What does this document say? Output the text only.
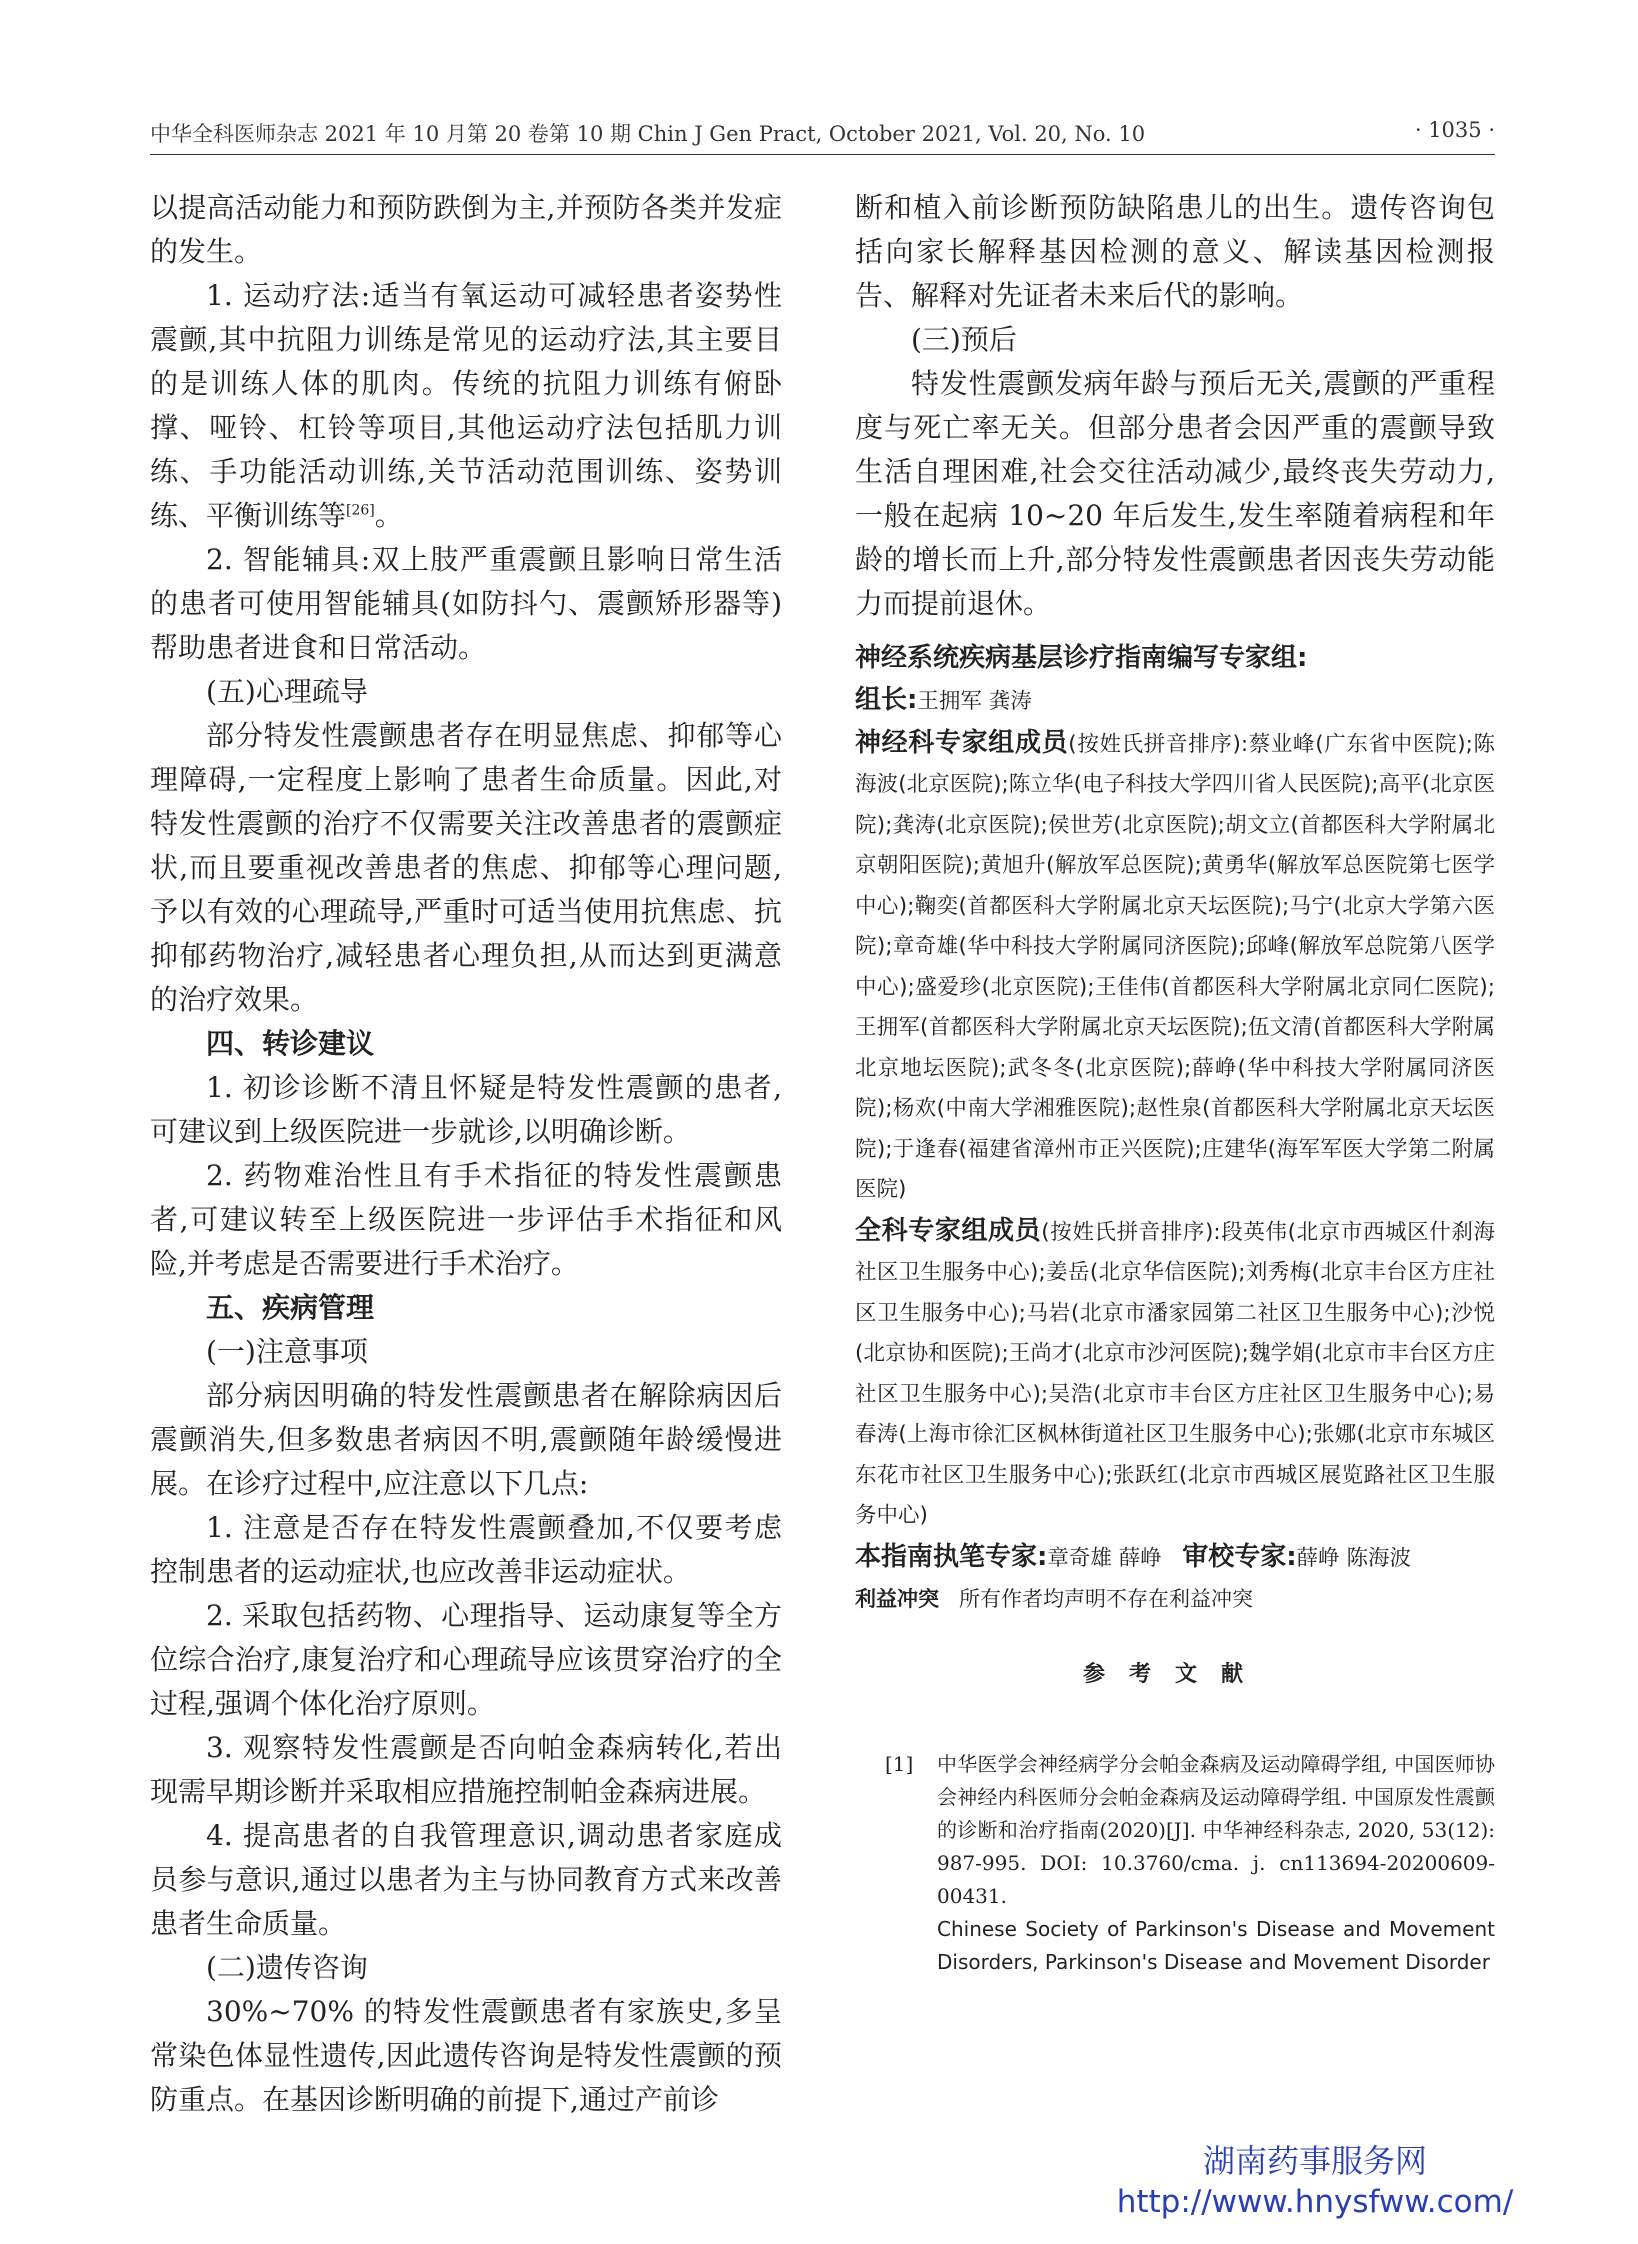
中华全科医师杂志 2021 年 10 月第 20 卷第 10 期 Chin J Gen Pract, October 2021, Vol. 20, No. 10	· 1035 ·

以提高活动能力和预防跌倒为主,并预防各类并发症的发生。

1. 运动疗法:适当有氧运动可减轻患者姿势性震颤,其中抗阻力训练是常见的运动疗法,其主要目的是训练人体的肌肉。传统的抗阻力训练有俯卧撑、哑铃、杠铃等项目,其他运动疗法包括肌力训练、手功能活动训练,关节活动范围训练、姿势训练、平衡训练等[26]。

2. 智能辅具:双上肢严重震颤且影响日常生活的患者可使用智能辅具(如防抖勺、震颤矫形器等)帮助患者进食和日常活动。

(五)心理疏导

部分特发性震颤患者存在明显焦虑、抑郁等心理障碍,一定程度上影响了患者生命质量。因此,对特发性震颤的治疗不仅需要关注改善患者的震颤症状,而且要重视改善患者的焦虑、抑郁等心理问题,予以有效的心理疏导,严重时可适当使用抗焦虑、抗抑郁药物治疗,减轻患者心理负担,从而达到更满意的治疗效果。

四、转诊建议

1. 初诊诊断不清且怀疑是特发性震颤的患者,可建议到上级医院进一步就诊,以明确诊断。

2. 药物难治性且有手术指征的特发性震颤患者,可建议转至上级医院进一步评估手术指征和风险,并考虑是否需要进行手术治疗。

五、疾病管理

(一)注意事项

部分病因明确的特发性震颤患者在解除病因后震颤消失,但多数患者病因不明,震颤随年龄缓慢进展。在诊疗过程中,应注意以下几点:

1. 注意是否存在特发性震颤叠加,不仅要考虑控制患者的运动症状,也应改善非运动症状。

2. 采取包括药物、心理指导、运动康复等全方位综合治疗,康复治疗和心理疏导应该贯穿治疗的全过程,强调个体化治疗原则。

3. 观察特发性震颤是否向帕金森病转化,若出现需早期诊断并采取相应措施控制帕金森病进展。

4. 提高患者的自我管理意识,调动患者家庭成员参与意识,通过以患者为主与协同教育方式来改善患者生命质量。

(二)遗传咨询

30%~70% 的特发性震颤患者有家族史,多呈常染色体显性遗传,因此遗传咨询是特发性震颤的预防重点。在基因诊断明确的前提下,通过产前诊

断和植入前诊断预防缺陷患儿的出生。遗传咨询包括向家长解释基因检测的意义、解读基因检测报告、解释对先证者未来后代的影响。

(三)预后

特发性震颤发病年龄与预后无关,震颤的严重程度与死亡率无关。但部分患者会因严重的震颤导致生活自理困难,社会交往活动减少,最终丧失劳动力,一般在起病 10~20 年后发生,发生率随着病程和年龄的增长而上升,部分特发性震颤患者因丧失劳动能力而提前退休。

神经系统疾病基层诊疗指南编写专家组:

组长:王拥军 龚涛

神经科专家组成员(按姓氏拼音排序):蔡业峰(广东省中医院);陈海波(北京医院);陈立华(电子科技大学四川省人民医院);高平(北京医院);龚涛(北京医院);侯世芳(北京医院);胡文立(首都医科大学附属北京朝阳医院);黄旭升(解放军总医院);黄勇华(解放军总医院第七医学中心);鞠奕(首都医科大学附属北京天坛医院);马宁(北京大学第六医院);章奇雄(华中科技大学附属同济医院);邱峰(解放军总院第八医学中心);盛爱珍(北京医院);王佳伟(首都医科大学附属北京同仁医院);王拥军(首都医科大学附属北京天坛医院);伍文清(首都医科大学附属北京地坛医院);武冬冬(北京医院);薛峥(华中科技大学附属同济医院);杨欢(中南大学湘雅医院);赵性泉(首都医科大学附属北京天坛医院);于逢春(福建省漳州市正兴医院);庄建华(海军军医大学第二附属医院)

全科专家组成员(按姓氏拼音排序):段英伟(北京市西城区什刹海社区卫生服务中心);姜岳(北京华信医院);刘秀梅(北京丰台区方庄社区卫生服务中心);马岩(北京市潘家园第二社区卫生服务中心);沙悦(北京协和医院);王尚才(北京市沙河医院);魏学娟(北京市丰台区方庄社区卫生服务中心);吴浩(北京市丰台区方庄社区卫生服务中心);易春涛(上海市徐汇区枫林街道社区卫生服务中心);张娜(北京市东城区东花市社区卫生服务中心);张跃红(北京市西城区展览路社区卫生服务中心)

本指南执笔专家:章奇雄 薛峥 审校专家:薛峥 陈海波

利益冲突 所有作者均声明不存在利益冲突

参考文献
[1] 中华医学会神经病学分会帕金森病及运动障碍学组, 中国医师协会神经内科医师分会帕金森病及运动障碍学组. 中国原发性震颤的诊断和治疗指南(2020)[J]. 中华神经科杂志, 2020, 53(12): 987-995. DOI: 10.3760/cma. j. cn113694-20200609-00431.
Chinese Society of Parkinson's Disease and Movement Disorders, Parkinson's Disease and Movement Disorder
湖南药事服务网
http://www.hnysfww.com/
